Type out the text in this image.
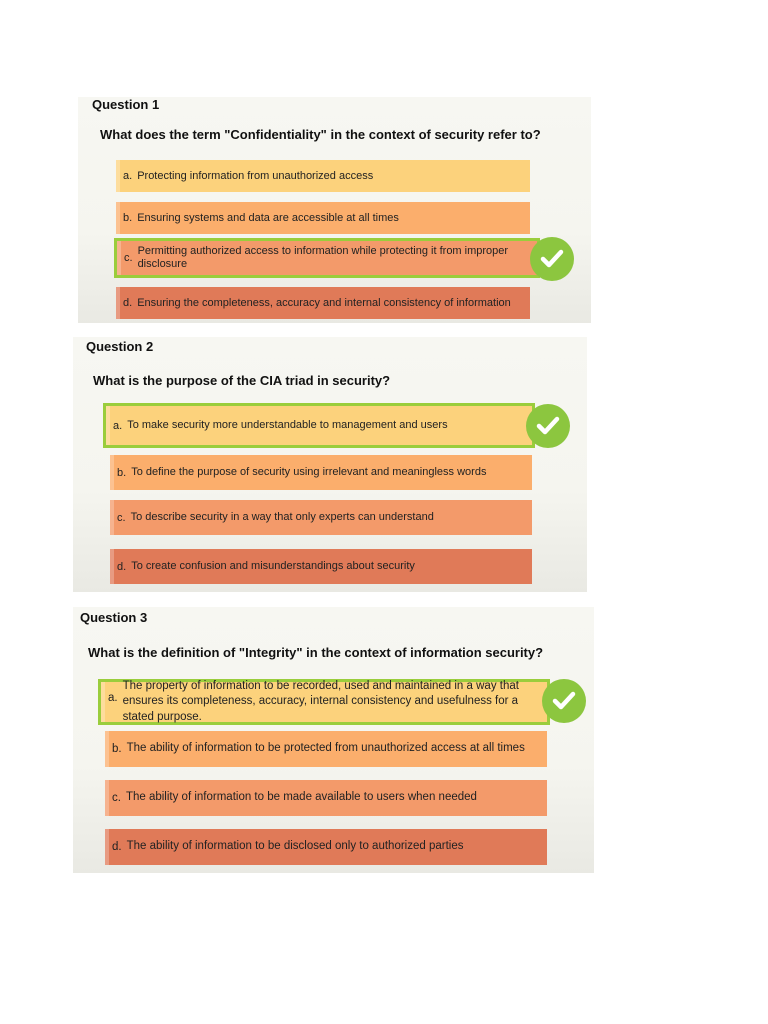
Question 1
What does the term "Confidentiality" in the context of security refer to?
a. Protecting information from unauthorized access
b. Ensuring systems and data are accessible at all times
c.
Permitting authorized access to information while protecting it from improper disclosure
d. Ensuring the completeness, accuracy and internal consistency of information
Question 2
What is the purpose of the CIA triad in security?
a. To make security more understandable to management and users
b. To define the purpose of security using irrelevant and meaningless words
c. To describe security in a way that only experts can understand
d. To create confusion and misunderstandings about security
Question 3
What is the definition of "Integrity" in the context of information security?
a.
The property of information to be recorded, used and maintained in a way that ensures its completeness, accuracy, internal consistency and usefulness for a stated purpose.
b. The ability of information to be protected from unauthorized access at all times
c. The ability of information to be made available to users when needed
d. The ability of information to be disclosed only to authorized parties
